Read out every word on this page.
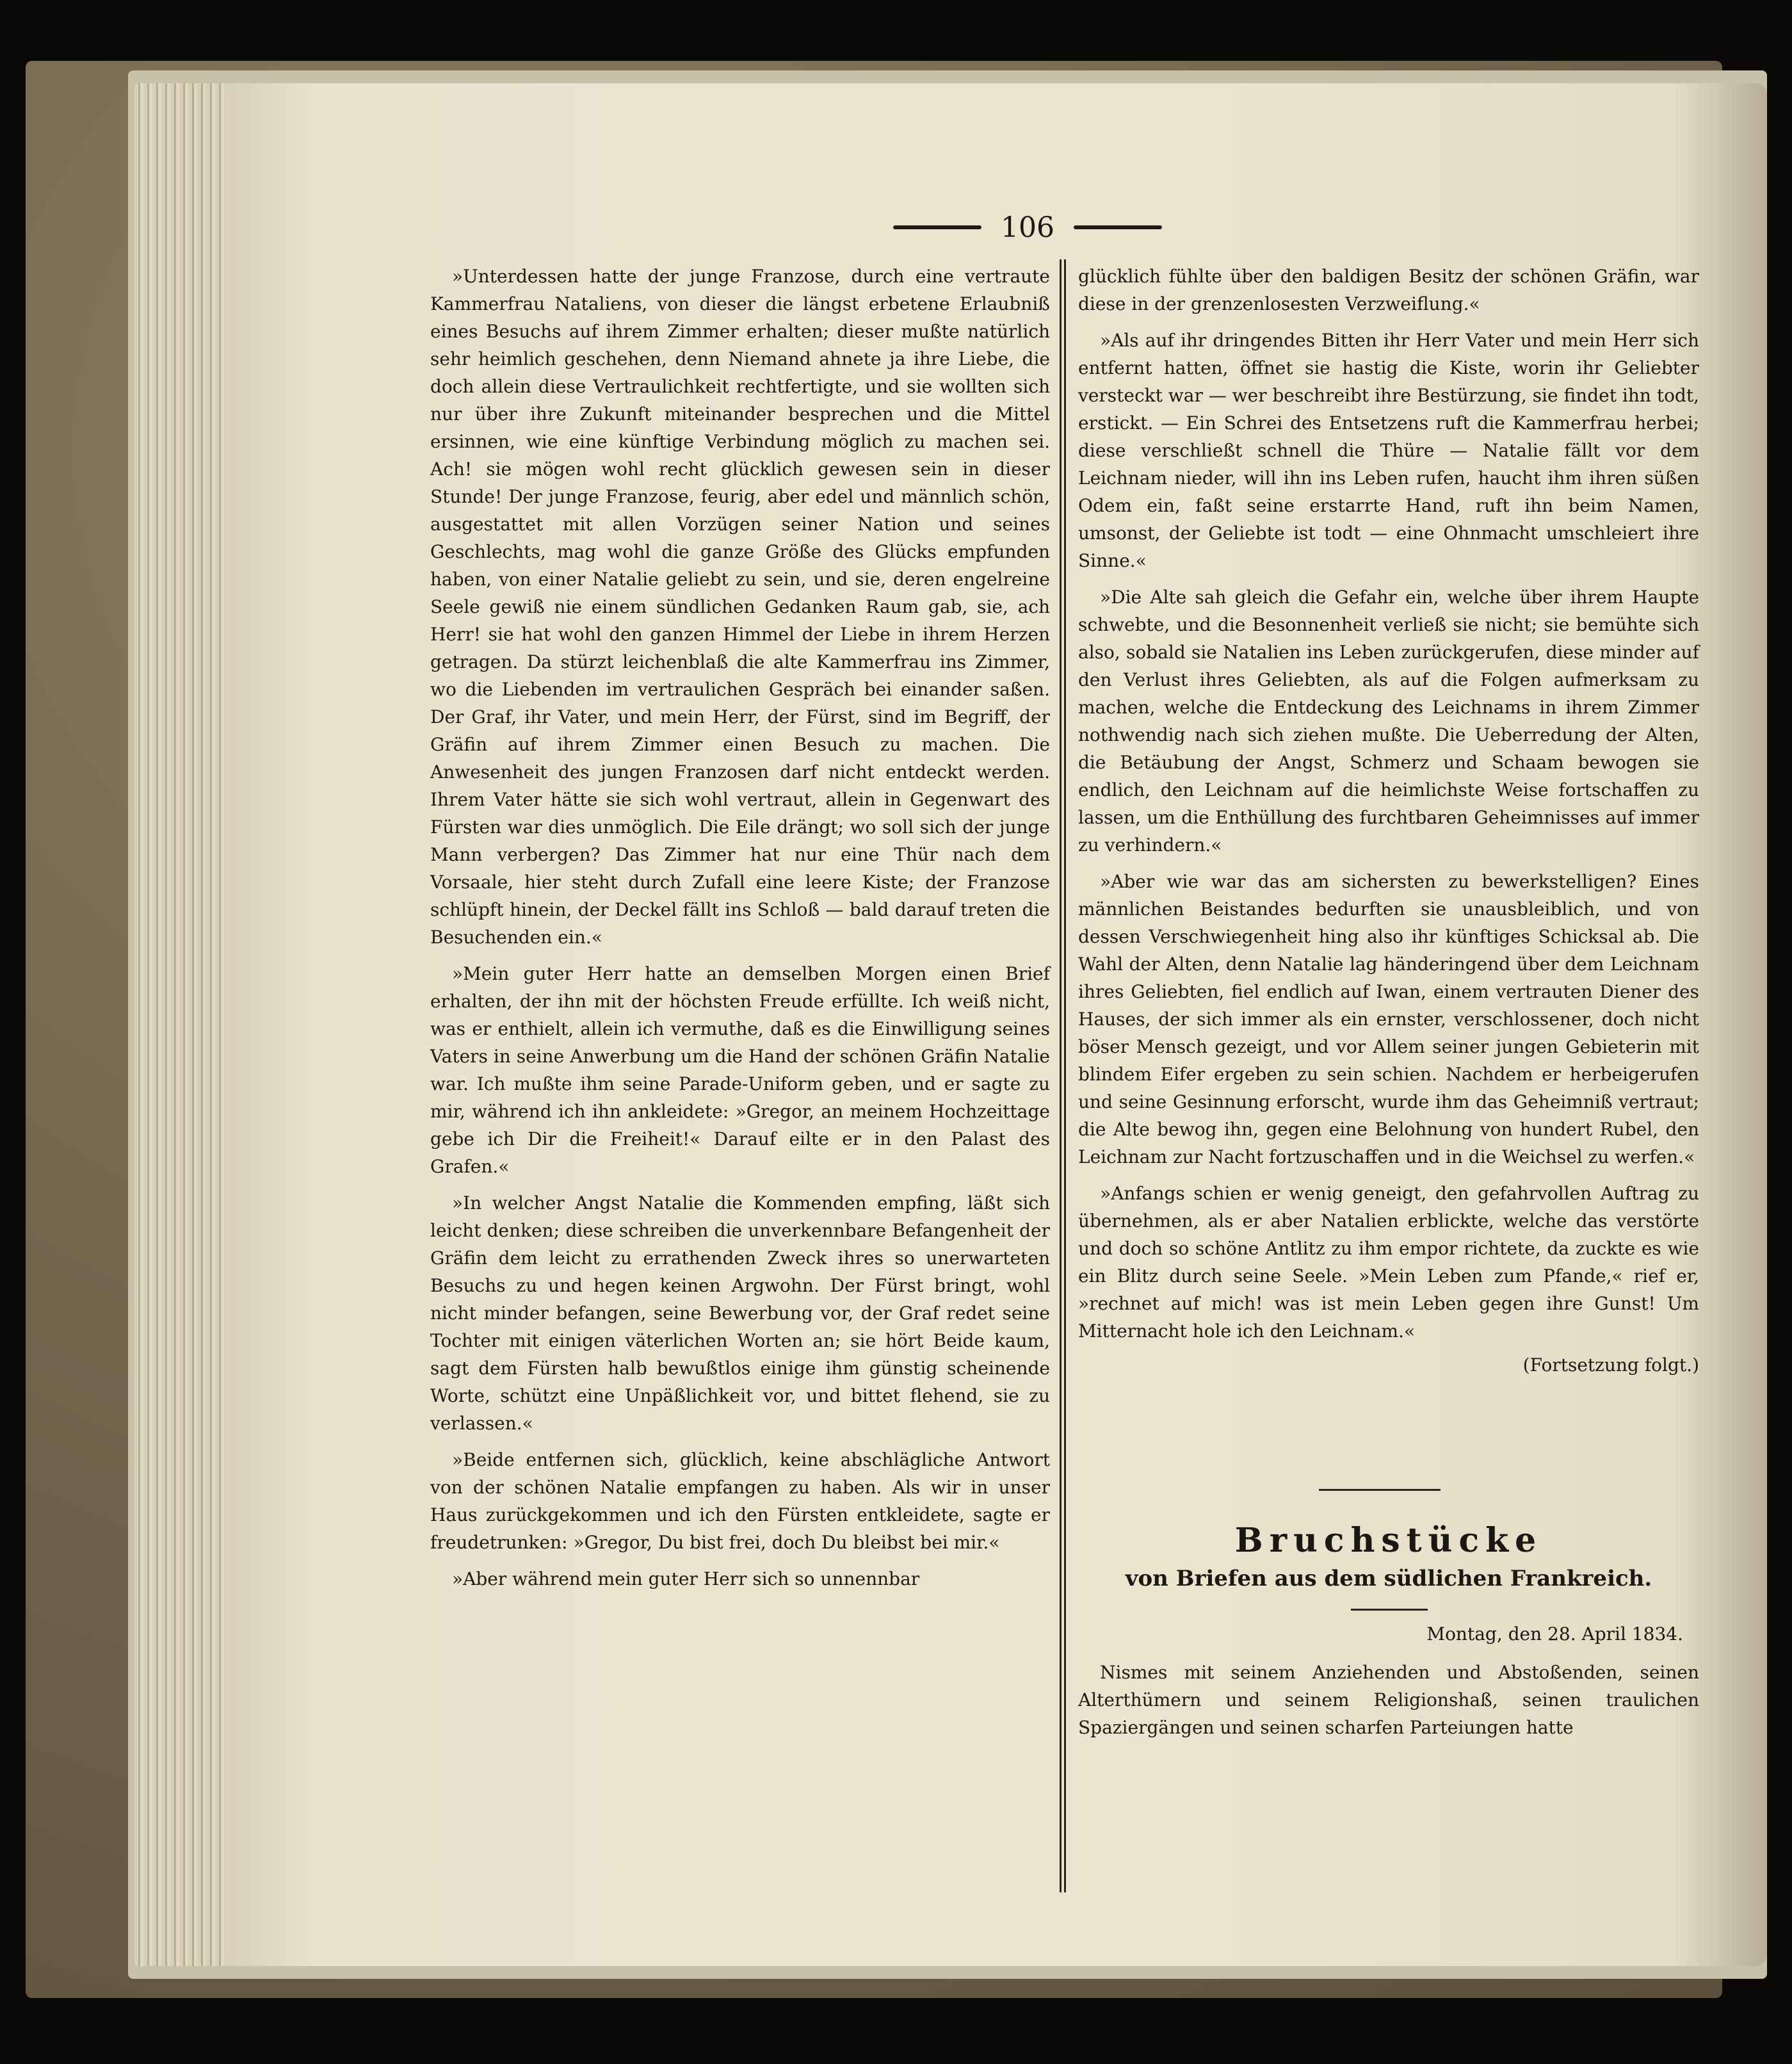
106

»Unterdessen hatte der junge Franzose, durch eine vertraute Kammerfrau Nataliens, von dieser die längst erbetene Erlaubniß eines Besuchs auf ihrem Zimmer erhalten; dieser mußte natürlich sehr heimlich geschehen, denn Niemand ahnete ja ihre Liebe, die doch allein diese Vertraulichkeit rechtfertigte, und sie wollten sich nur über ihre Zukunft miteinander besprechen und die Mittel ersinnen, wie eine künftige Verbindung möglich zu machen sei. Ach! sie mögen wohl recht glücklich gewesen sein in dieser Stunde! Der junge Franzose, feurig, aber edel und männlich schön, ausgestattet mit allen Vorzügen seiner Nation und seines Geschlechts, mag wohl die ganze Größe des Glücks empfunden haben, von einer Natalie geliebt zu sein, und sie, deren engelreine Seele gewiß nie einem sündlichen Gedanken Raum gab, sie, ach Herr! sie hat wohl den ganzen Himmel der Liebe in ihrem Herzen getragen. Da stürzt leichenblaß die alte Kammerfrau ins Zimmer, wo die Liebenden im vertraulichen Gespräch bei einander saßen. Der Graf, ihr Vater, und mein Herr, der Fürst, sind im Begriff, der Gräfin auf ihrem Zimmer einen Besuch zu machen. Die Anwesenheit des jungen Franzosen darf nicht entdeckt werden. Ihrem Vater hätte sie sich wohl vertraut, allein in Gegenwart des Fürsten war dies unmöglich. Die Eile drängt; wo soll sich der junge Mann verbergen? Das Zimmer hat nur eine Thür nach dem Vorsaale, hier steht durch Zufall eine leere Kiste; der Franzose schlüpft hinein, der Deckel fällt ins Schloß — bald darauf treten die Besuchenden ein.«

»Mein guter Herr hatte an demselben Morgen einen Brief erhalten, der ihn mit der höchsten Freude erfüllte. Ich weiß nicht, was er enthielt, allein ich vermuthe, daß es die Einwilligung seines Vaters in seine Anwerbung um die Hand der schönen Gräfin Natalie war. Ich mußte ihm seine Parade-Uniform geben, und er sagte zu mir, während ich ihn ankleidete: »Gregor, an meinem Hochzeittage gebe ich Dir die Freiheit!« Darauf eilte er in den Palast des Grafen.«

»In welcher Angst Natalie die Kommenden empfing, läßt sich leicht denken; diese schreiben die unverkennbare Befangenheit der Gräfin dem leicht zu errathenden Zweck ihres so unerwarteten Besuchs zu und hegen keinen Argwohn. Der Fürst bringt, wohl nicht minder befangen, seine Bewerbung vor, der Graf redet seine Tochter mit einigen väterlichen Worten an; sie hört Beide kaum, sagt dem Fürsten halb bewußtlos einige ihm günstig scheinende Worte, schützt eine Unpäßlichkeit vor, und bittet flehend, sie zu verlassen.«

»Beide entfernen sich, glücklich, keine abschlägliche Antwort von der schönen Natalie empfangen zu haben. Als wir in unser Haus zurückgekommen und ich den Fürsten entkleidete, sagte er freudetrunken: »Gregor, Du bist frei, doch Du bleibst bei mir.«

»Aber während mein guter Herr sich so unnennbar

glücklich fühlte über den baldigen Besitz der schönen Gräfin, war diese in der grenzenlosesten Verzweiflung.«

»Als auf ihr dringendes Bitten ihr Herr Vater und mein Herr sich entfernt hatten, öffnet sie hastig die Kiste, worin ihr Geliebter versteckt war — wer beschreibt ihre Bestürzung, sie findet ihn todt, erstickt. — Ein Schrei des Entsetzens ruft die Kammerfrau herbei; diese verschließt schnell die Thüre — Natalie fällt vor dem Leichnam nieder, will ihn ins Leben rufen, haucht ihm ihren süßen Odem ein, faßt seine erstarrte Hand, ruft ihn beim Namen, umsonst, der Geliebte ist todt — eine Ohnmacht umschleiert ihre Sinne.«

»Die Alte sah gleich die Gefahr ein, welche über ihrem Haupte schwebte, und die Besonnenheit verließ sie nicht; sie bemühte sich also, sobald sie Natalien ins Leben zurückgerufen, diese minder auf den Verlust ihres Geliebten, als auf die Folgen aufmerksam zu machen, welche die Entdeckung des Leichnams in ihrem Zimmer nothwendig nach sich ziehen mußte. Die Ueberredung der Alten, die Betäubung der Angst, Schmerz und Schaam bewogen sie endlich, den Leichnam auf die heimlichste Weise fortschaffen zu lassen, um die Enthüllung des furchtbaren Geheimnisses auf immer zu verhindern.«

»Aber wie war das am sichersten zu bewerkstelligen? Eines männlichen Beistandes bedurften sie unausbleiblich, und von dessen Verschwiegenheit hing also ihr künftiges Schicksal ab. Die Wahl der Alten, denn Natalie lag händeringend über dem Leichnam ihres Geliebten, fiel endlich auf Iwan, einem vertrauten Diener des Hauses, der sich immer als ein ernster, verschlossener, doch nicht böser Mensch gezeigt, und vor Allem seiner jungen Gebieterin mit blindem Eifer ergeben zu sein schien. Nachdem er herbeigerufen und seine Gesinnung erforscht, wurde ihm das Geheimniß vertraut; die Alte bewog ihn, gegen eine Belohnung von hundert Rubel, den Leichnam zur Nacht fortzuschaffen und in die Weichsel zu werfen.«

»Anfangs schien er wenig geneigt, den gefahrvollen Auftrag zu übernehmen, als er aber Natalien erblickte, welche das verstörte und doch so schöne Antlitz zu ihm empor richtete, da zuckte es wie ein Blitz durch seine Seele. »Mein Leben zum Pfande,« rief er, »rechnet auf mich! was ist mein Leben gegen ihre Gunst! Um Mitternacht hole ich den Leichnam.«

(Fortsetzung folgt.)
Bruchstücke
von Briefen aus dem südlichen Frankreich.
Montag, den 28. April 1834.

Nismes mit seinem Anziehenden und Abstoßenden, seinen Alterthümern und seinem Religionshaß, seinen traulichen Spaziergängen und seinen scharfen Parteiungen hatte
